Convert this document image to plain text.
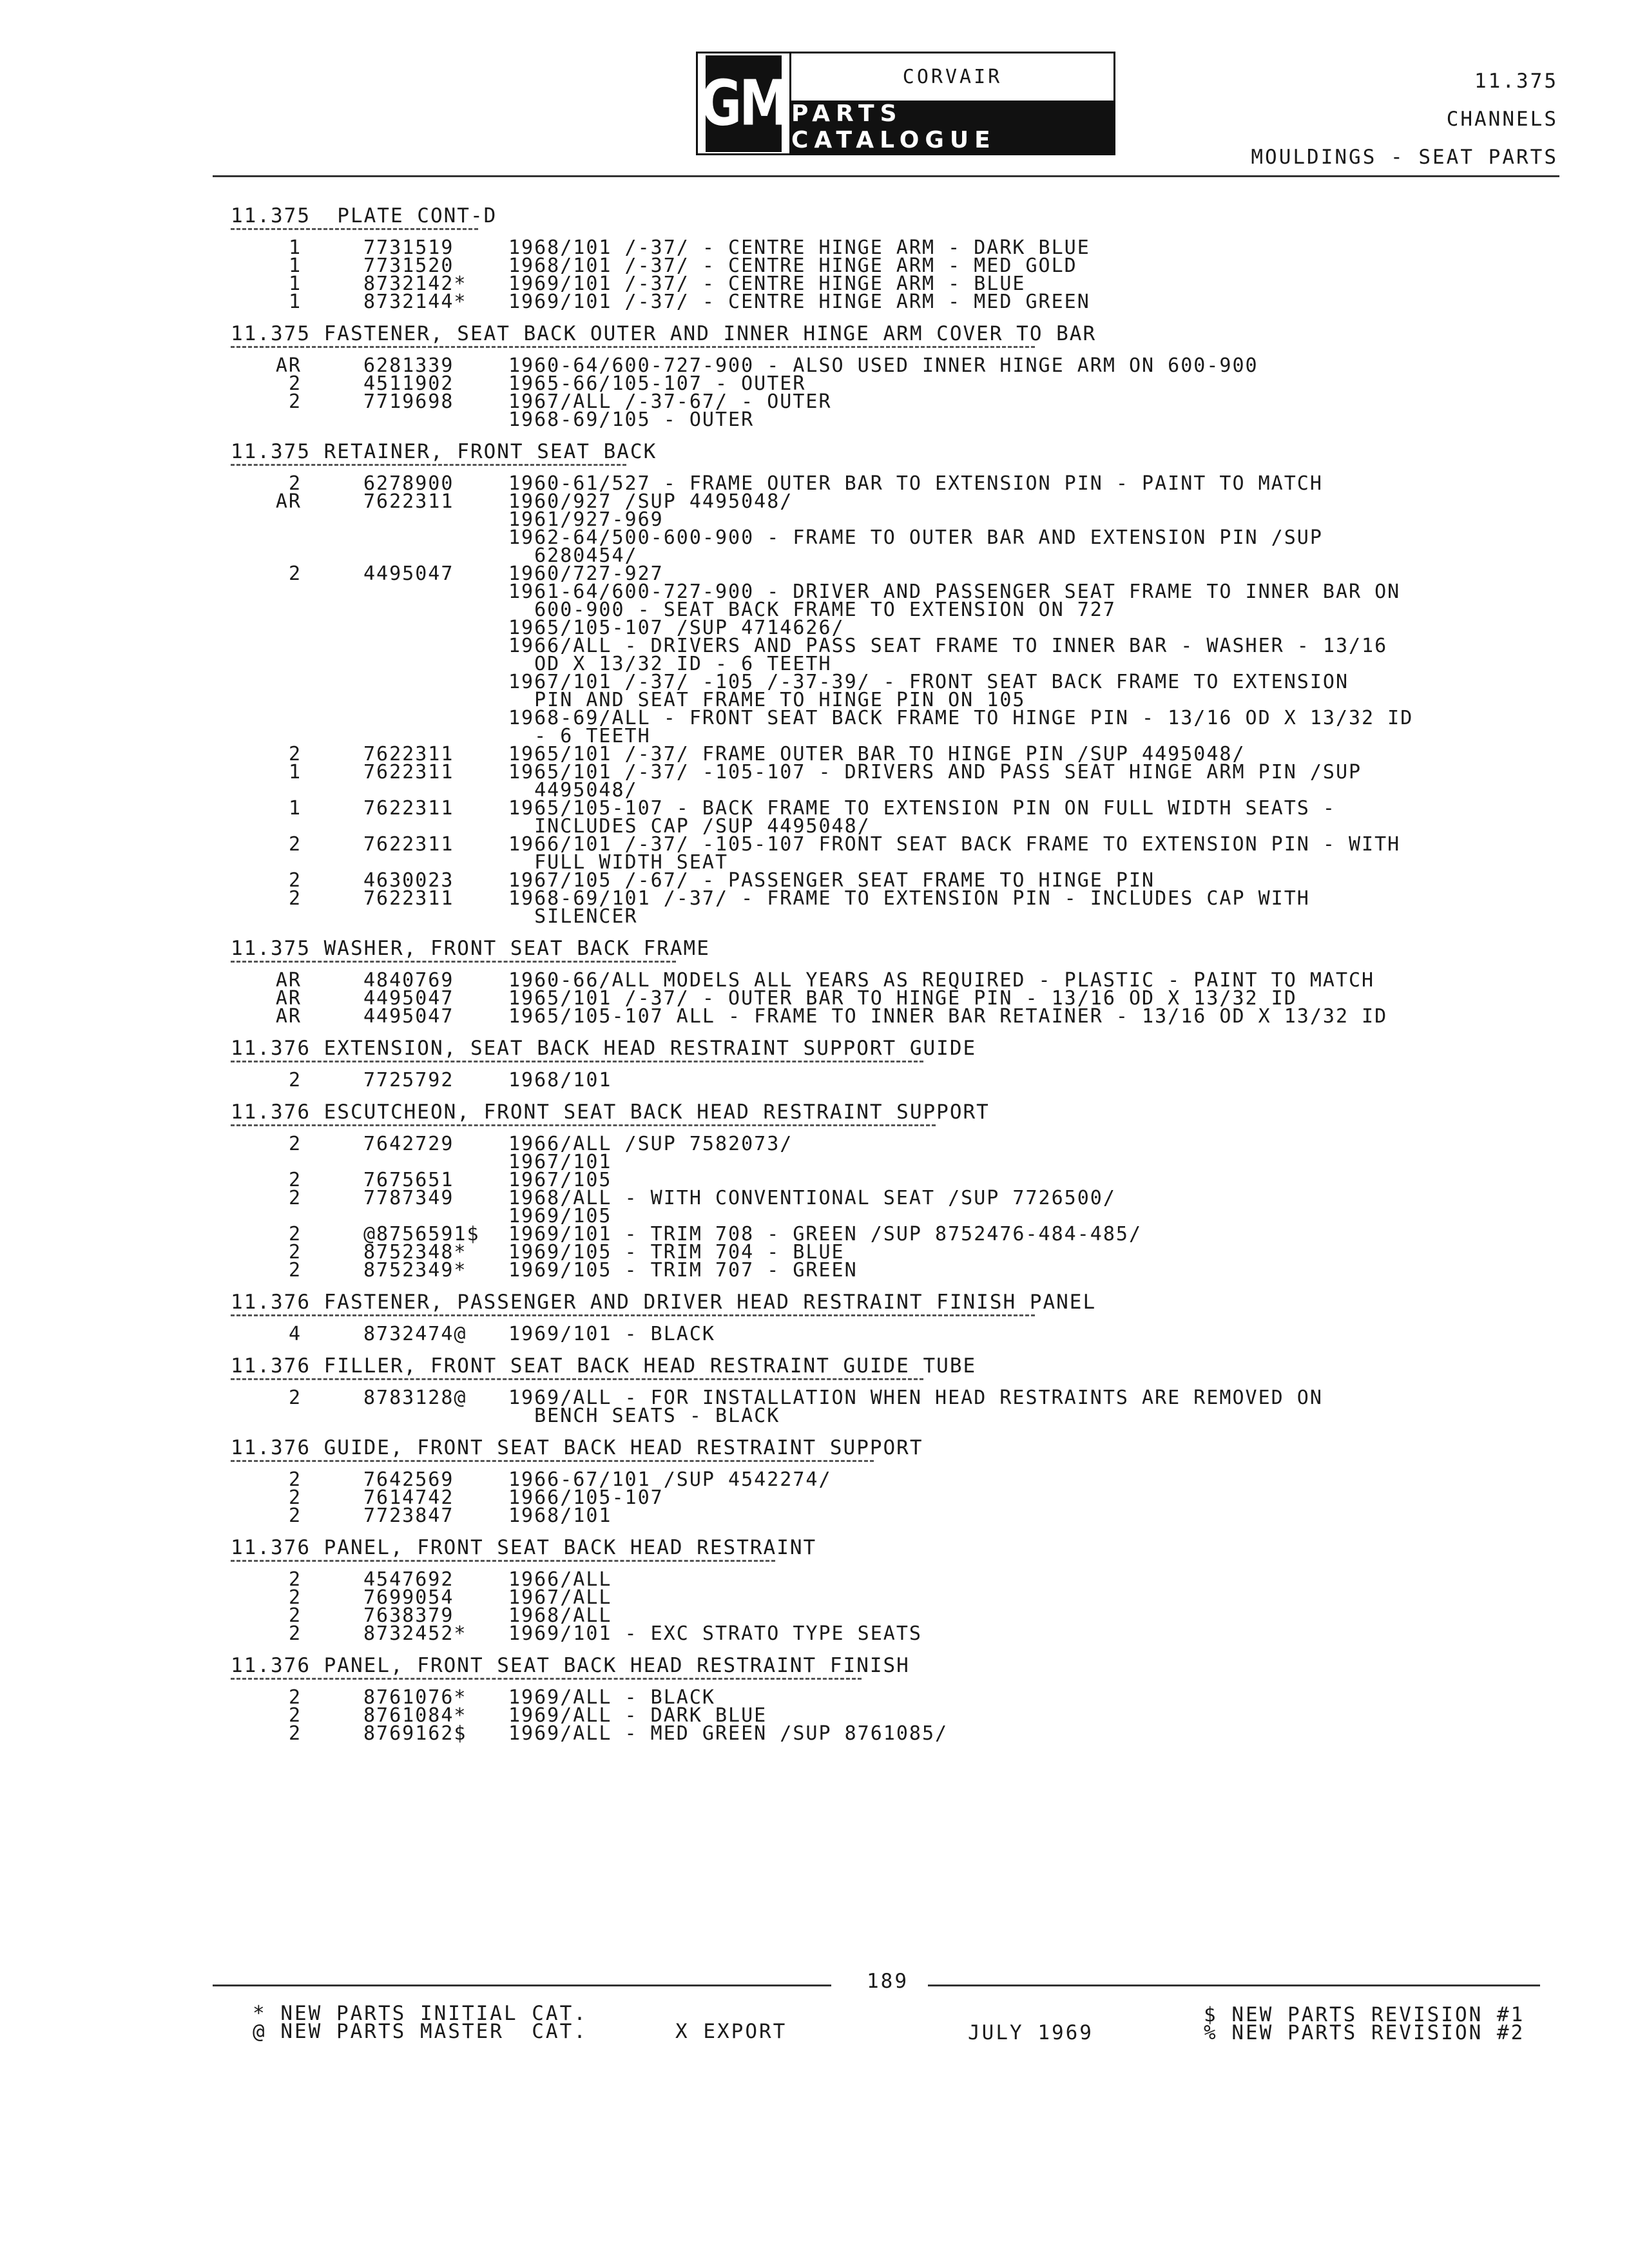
GM	CORVAIR
PARTS CATALOGUE
11.375
CHANNELS
MOULDINGS - SEAT PARTS
11.375  PLATE CONT-D
1	7731519	1968/101 /-37/ - CENTRE HINGE ARM - DARK BLUE
1	7731520	1968/101 /-37/ - CENTRE HINGE ARM - MED GOLD
1	8732142* 1969/101 /-37/ - CENTRE HINGE ARM - BLUE
1	8732144* 1969/101 /-37/ - CENTRE HINGE ARM - MED GREEN
11.375 FASTENER, SEAT BACK OUTER AND INNER HINGE ARM COVER TO BAR
AR	6281339	1960-64/600-727-900 - ALSO USED INNER HINGE ARM ON 600-900
2	4511902	1965-66/105-107 - OUTER
2	7719698	1967/ALL /-37-67/ - OUTER
1968-69/105 - OUTER
11.375 RETAINER, FRONT SEAT BACK
2	6278900	1960-61/527 - FRAME OUTER BAR TO EXTENSION PIN - PAINT TO MATCH
AR	7622311	1960/927 /SUP 4495048/
1961/927-969
1962-64/500-600-900 - FRAME TO OUTER BAR AND EXTENSION PIN /SUP
6280454/
2	4495047	1960/727-927
1961-64/600-727-900 - DRIVER AND PASSENGER SEAT FRAME TO INNER BAR ON
600-900 - SEAT BACK FRAME TO EXTENSION ON 727
1965/105-107 /SUP 4714626/
1966/ALL - DRIVERS AND PASS SEAT FRAME TO INNER BAR - WASHER - 13/16
OD X 13/32 ID - 6 TEETH
1967/101 /-37/ -105 /-37-39/ - FRONT SEAT BACK FRAME TO EXTENSION
PIN AND SEAT FRAME TO HINGE PIN ON 105
1968-69/ALL - FRONT SEAT BACK FRAME TO HINGE PIN - 13/16 OD X 13/32 ID
- 6 TEETH
2	7622311	1965/101 /-37/ FRAME OUTER BAR TO HINGE PIN /SUP 4495048/
1	7622311	1965/101 /-37/ -105-107 - DRIVERS AND PASS SEAT HINGE ARM PIN /SUP
4495048/
1	7622311	1965/105-107 - BACK FRAME TO EXTENSION PIN ON FULL WIDTH SEATS -
INCLUDES CAP /SUP 4495048/
2	7622311	1966/101 /-37/ -105-107 FRONT SEAT BACK FRAME TO EXTENSION PIN - WITH
FULL WIDTH SEAT
2	4630023	1967/105 /-67/ - PASSENGER SEAT FRAME TO HINGE PIN
2	7622311	1968-69/101 /-37/ - FRAME TO EXTENSION PIN - INCLUDES CAP WITH
SILENCER
11.375 WASHER, FRONT SEAT BACK FRAME
AR	4840769	1960-66/ALL MODELS ALL YEARS AS REQUIRED - PLASTIC - PAINT TO MATCH
AR	4495047	1965/101 /-37/ - OUTER BAR TO HINGE PIN - 13/16 OD X 13/32 ID
AR	4495047	1965/105-107 ALL - FRAME TO INNER BAR RETAINER - 13/16 OD X 13/32 ID
11.376 EXTENSION, SEAT BACK HEAD RESTRAINT SUPPORT GUIDE
2	7725792	1968/101
11.376 ESCUTCHEON, FRONT SEAT BACK HEAD RESTRAINT SUPPORT
2	7642729	1966/ALL /SUP 7582073/
1967/101
2	7675651	1967/105
2	7787349	1968/ALL - WITH CONVENTIONAL SEAT /SUP 7726500/
1969/105
2	@8756591$ 1969/101 - TRIM 708 - GREEN /SUP 8752476-484-485/
2	8752348* 1969/105 - TRIM 704 - BLUE
2	8752349* 1969/105 - TRIM 707 - GREEN
11.376 FASTENER, PASSENGER AND DRIVER HEAD RESTRAINT FINISH PANEL
4	8732474@ 1969/101 - BLACK
11.376 FILLER, FRONT SEAT BACK HEAD RESTRAINT GUIDE TUBE
2	8783128@ 1969/ALL - FOR INSTALLATION WHEN HEAD RESTRAINTS ARE REMOVED ON
BENCH SEATS - BLACK
11.376 GUIDE, FRONT SEAT BACK HEAD RESTRAINT SUPPORT
2	7642569	1966-67/101 /SUP 4542274/
2	7614742	1966/105-107
2	7723847	1968/101
11.376 PANEL, FRONT SEAT BACK HEAD RESTRAINT
2	4547692	1966/ALL
2	7699054	1967/ALL
2	7638379	1968/ALL
2	8732452* 1969/101 - EXC STRATO TYPE SEATS
11.376 PANEL, FRONT SEAT BACK HEAD RESTRAINT FINISH
2	8761076* 1969/ALL - BLACK
2	8761084* 1969/ALL - DARK BLUE
2	8769162$ 1969/ALL - MED GREEN /SUP 8761085/
189
* NEW PARTS INITIAL CAT.
@ NEW PARTS MASTER  CAT.	X EXPORT	JULY 1969
$ NEW PARTS REVISION #1
% NEW PARTS REVISION #2
